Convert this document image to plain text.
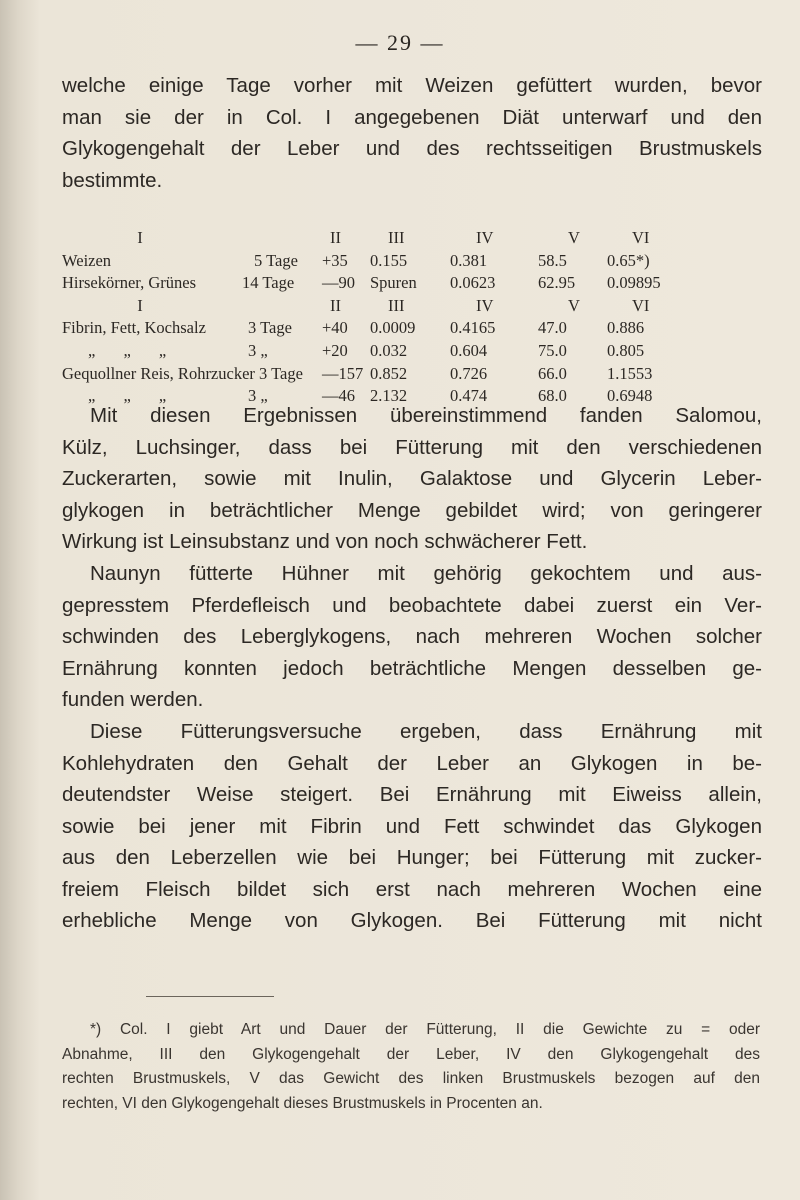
— 29 —
welche einige Tage vorher mit Weizen gefüttert wurden, bevor
man sie der in Col. I angegebenen Diät unterwarf und den
Glykogengehalt der Leber und des rechtsseitigen Brustmuskels
bestimmte.
I	II	III	IV	V	VI
Weizen	5 Tage +35 0.155	0.381	58.5 0.65*)
Hirsekörner, Grünes	14 Tage —90 Spuren 0.0623	62.95 0.09895
I	II	III	IV	V	VI
Fibrin, Fett, Kochsalz	3 Tage +40 0.0009 0.4165	47.0 0.886
„ „ „	3 „	+20 0.032	0.604	75.0 0.805
Gequollner Reis, Rohrzucker 3 Tage —157 0.852	0.726	66.0 1.1553
„ „ „	3 „	—46 2.132	0.474	68.0 0.6948
Mit diesen Ergebnissen übereinstimmend fanden Salomou,
Külz, Luchsinger, dass bei Fütterung mit den verschiedenen
Zuckerarten, sowie mit Inulin, Galaktose und Glycerin Leber-
glykogen in beträchtlicher Menge gebildet wird; von geringerer
Wirkung ist Leinsubstanz und von noch schwächerer Fett.
Naunyn fütterte Hühner mit gehörig gekochtem und aus-
gepresstem Pferdefleisch und beobachtete dabei zuerst ein Ver-
schwinden des Leberglykogens, nach mehreren Wochen solcher
Ernährung konnten jedoch beträchtliche Mengen desselben ge-
funden werden.
Diese Fütterungsversuche ergeben, dass Ernährung mit
Kohlehydraten den Gehalt der Leber an Glykogen in be-
deutendster Weise steigert. Bei Ernährung mit Eiweiss allein,
sowie bei jener mit Fibrin und Fett schwindet das Glykogen
aus den Leberzellen wie bei Hunger; bei Fütterung mit zucker-
freiem Fleisch bildet sich erst nach mehreren Wochen eine
erhebliche Menge von Glykogen. Bei Fütterung mit nicht
*) Col. I giebt Art und Dauer der Fütterung, II die Gewichte zu = oder
Abnahme, III den Glykogengehalt der Leber, IV den Glykogengehalt des
rechten Brustmuskels, V das Gewicht des linken Brustmuskels bezogen auf den
rechten, VI den Glykogengehalt dieses Brustmuskels in Procenten an.
